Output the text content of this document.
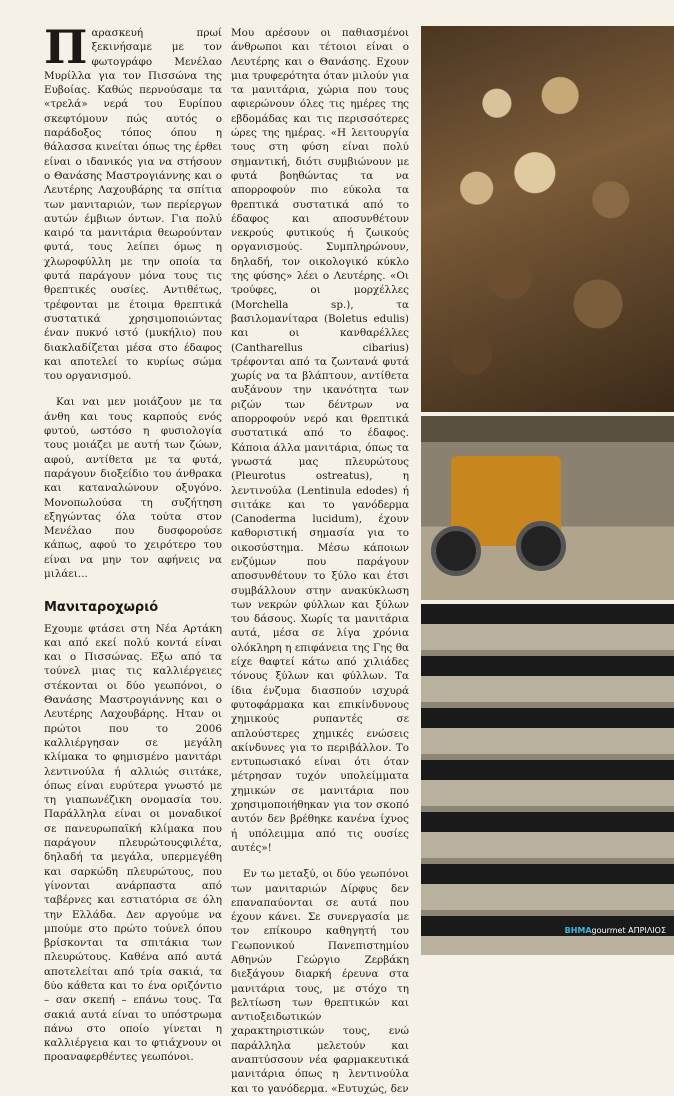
Παρασκευή πρωί ξεκινήσαμε με τον φωτογράφο Μενέλαο Μυρίλλα για τον Πισσώνα της Ευβοίας. Καθώς περνούσαμε τα «τρελά» νερά του Ευρίπου σκεφτόμουν πώς αυτός ο παράδοξος τόπος όπου η θάλασσα κινείται όπως της έρθει είναι ο ιδανικός για να στήσουν ο Θανάσης Μαστρογιάννης και ο Λευτέρης Λαχουβάρης τα σπίτια των μανιταριών, των περίεργων αυτών έμβιων όντων. Για πολύ καιρό τα μανιτάρια θεωρούνταν φυτά, τους λείπει όμως η χλωροφύλλη με την οποία τα φυτά παράγουν μόνα τους τις θρεπτικές ουσίες. Αντιθέτως, τρέφονται με έτοιμα θρεπτικά συστατικά χρησιμοποιώντας έναν πυκνό ιστό (μυκήλιο) που διακλαδίζεται μέσα στο έδαφος και αποτελεί το κυρίως σώμα του οργανισμού.

Και ναι μεν μοιάζουν με τα άνθη και τους καρπούς ενός φυτού, ωστόσο η φυσιολογία τους μοιάζει με αυτή των ζώων, αφού, αντίθετα με τα φυτά, παράγουν διοξείδιο του άνθρακα και καταναλώνουν οξυγόνο. Μονοπωλούσα τη συζήτηση εξηγώντας όλα τούτα στον Μενέλαο που δυσφορούσε κάπως, αφού το χειρότερο του είναι να μην τον αφήνεις να μιλάει...

Μανιταροχωριό

Εχουμε φτάσει στη Νέα Αρτάκη και από εκεί πολύ κοντά είναι και ο Πισσώνας. Εξω από τα τούνελ μιας τις καλλιέργειες στέκονται οι δύο γεωπόνοι, ο Θανάσης Μαστρογιάννης και ο Λευτέρης Λαχουβάρης. Ηταν οι πρώτοι που το 2006 καλλιέργησαν σε μεγάλη κλίμακα το φημισμένο μανιτάρι λεντινούλα ή αλλιώς σιιτάκε, όπως είναι ευρύτερα γνωστό με τη γιαπωνέζικη ονομασία του. Παράλληλα είναι οι μοναδικοί σε πανευρωπαϊκή κλίμακα που παράγουν πλευρώτουςφιλέτα, δηλαδή τα μεγάλα, υπερμεγέθη και σαρκώδη πλευρώτους, που γίνονται ανάρπαστα από ταβέρνες και εστιατόρια σε όλη την Ελλάδα. Δεν αργούμε να μπούμε στο πρώτο τούνελ όπου βρίσκονται τα σπιτάκια των πλευρώτους. Καθένα από αυτά αποτελείται από τρία σακιά, τα δύο κάθετα και το ένα οριζόντιο – σαν σκεπή – επάνω τους. Τα σακιά αυτά είναι το υπόστρωμα πάνω στο οποίο γίνεται η καλλιέργεια και το φτιάχνουν οι προαναφερθέντες γεωπόνοι.

Μου αρέσουν οι παθιασμένοι άνθρωποι και τέτοιοι είναι ο Λευτέρης και ο Θανάσης. Εχουν μια τρυφερότητα όταν μιλούν για τα μανιτάρια, χώρια που τους αφιερώνουν όλες τις ημέρες της εβδομάδας και τις περισσότερες ώρες της ημέρας. «Η λειτουργία τους στη φύση είναι πολύ σημαντική, διότι συμβιώνουν με φυτά βοηθώντας τα να απορροφούν πιο εύκολα τα θρεπτικά συστατικά από το έδαφος και αποσυνθέτουν νεκρούς φυτικούς ή ζωικούς οργανισμούς. Συμπληρώνουν, δηλαδή, τον οικολογικό κύκλο της φύσης» λέει ο Λευτέρης. «Οι τρούφες, οι μορχέλλες (Morchella sp.), τα βασιλομανίταρα (Boletus edulis) και οι κανθαρέλλες (Cantharellus cibarius) τρέφονται από τα ζωντανά φυτά χωρίς να τα βλάπτουν, αντίθετα αυξάνουν την ικανότητα των ριζών των δέντρων να απορροφούν νερό και θρεπτικά συστατικά από το έδαφος. Κάποια άλλα μανιτάρια, όπως τα γνωστά μας πλευρώτους (Pleurotus ostreatus), η λεντινούλα (Lentinula edodes) ή σιιτάκε και το γανόδερμα (Canoderma lucidum), έχουν καθοριστική σημασία για το οικοσύστημα. Μέσω κάποιων ενζύμων που παράγουν αποσυνθέτουν το ξύλο και έτσι συμβάλλουν στην ανακύκλωση των νεκρών φύλλων και ξύλων του δάσους. Χωρίς τα μανιτάρια αυτά, μέσα σε λίγα χρόνια ολόκληρη η επιφάνεια της Γης θα είχε θαφτεί κάτω από χιλιάδες τόνους ξύλων και φύλλων. Τα ίδια ένζυμα διασπούν ισχυρά φυτοφάρμακα και επικίνδυνους χημικούς ρυπαντές σε απλούστερες χημικές ενώσεις ακίνδυνες για το περιβάλλον. Το εντυπωσιακό είναι ότι όταν μέτρησαν τυχόν υπολείμματα χημικών σε μανιτάρια που χρησιμοποιήθηκαν για τον σκοπό αυτόν δεν βρέθηκε κανένα ίχνος ή υπόλειμμα από τις ουσίες αυτές»!

Εν τω μεταξύ, οι δύο γεωπόνοι των μανιταριών Δίρφυς δεν επαναπαύονται σε αυτά που έχουν κάνει. Σε συνεργασία με τον επίκουρο καθηγητή του Γεωπονικού Πανεπιστημίου Αθηνών Γεώργιο Ζερβάκη διεξάγουν διαρκή έρευνα στα μανιτάρια τους, με στόχο τη βελτίωση των θρεπτικών και αντιοξειδωτικών χαρακτηριστικών τους, ενώ παράλληλα μελετούν και αναπτύσσουν νέα φαρμακευτικά μανιτάρια όπως η λεντινούλα και το γανόδερμα. «Ευτυχώς, δεν

ΒΗΜΑgourmet ΑΠΡΙΛΙΟΣ
